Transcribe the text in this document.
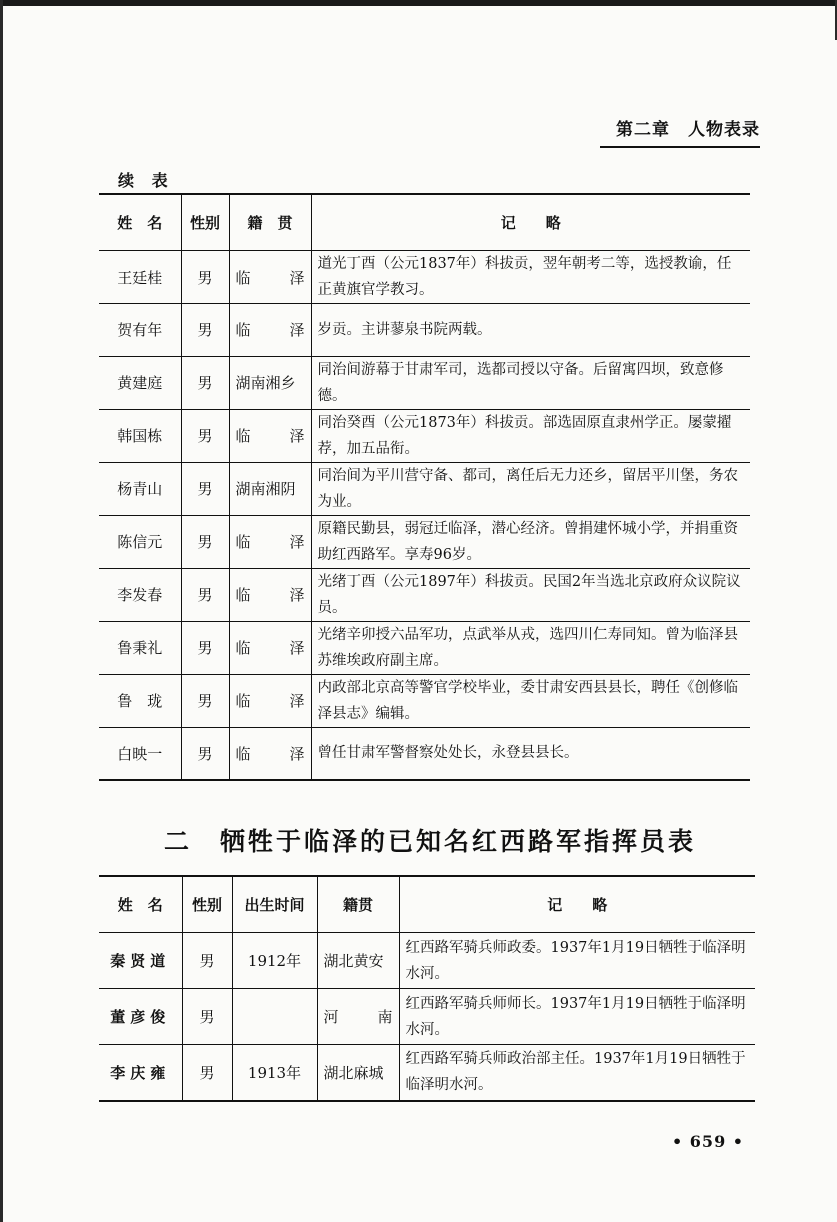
第二章　人物表录
续 表
姓　名	性别	籍　贯	记　　略
王廷桂	男	临 泽	道光丁酉（公元1837年）科拔贡，翌年朝考二等，选授教谕，任正黄旗官学教习。
贺有年	男	临 泽	岁贡。主讲蓼泉书院两载。
黄建庭	男	湖南湘乡	同治间游幕于甘肃军司，选都司授以守备。后留寓四坝，致意修德。
韩国栋	男	临 泽	同治癸酉（公元1873年）科拔贡。部选固原直隶州学正。屡蒙擢荐，加五品衔。
杨青山	男	湖南湘阴	同治间为平川营守备、都司，离任后无力还乡，留居平川堡，务农为业。
陈信元	男	临 泽	原籍民勤县，弱冠迁临泽，潜心经济。曾捐建怀城小学，并捐重资助红西路军。享寿96岁。
李发春	男	临 泽	光绪丁酉（公元1897年）科拔贡。民国2年当选北京政府众议院议员。
鲁秉礼	男	临 泽	光绪辛卯授六品军功，点武举从戎，选四川仁寿同知。曾为临泽县苏维埃政府副主席。
鲁　珑	男	临 泽	内政部北京高等警官学校毕业，委甘肃安西县县长，聘任《创修临泽县志》编辑。
白映一	男	临 泽	曾任甘肃军警督察处处长，永登县县长。
二　牺牲于临泽的已知名红西路军指挥员表
姓　名	性别	出生时间	籍贯	记　　略
秦贤道	男	1912年	湖北黄安	红西路军骑兵师政委。1937年1月19日牺牲于临泽明水河。
董彦俊	男		河 南	红西路军骑兵师师长。1937年1月19日牺牲于临泽明水河。
李庆雍	男	1913年	湖北麻城	红西路军骑兵师政治部主任。1937年1月19日牺牲于临泽明水河。
• 659 •
